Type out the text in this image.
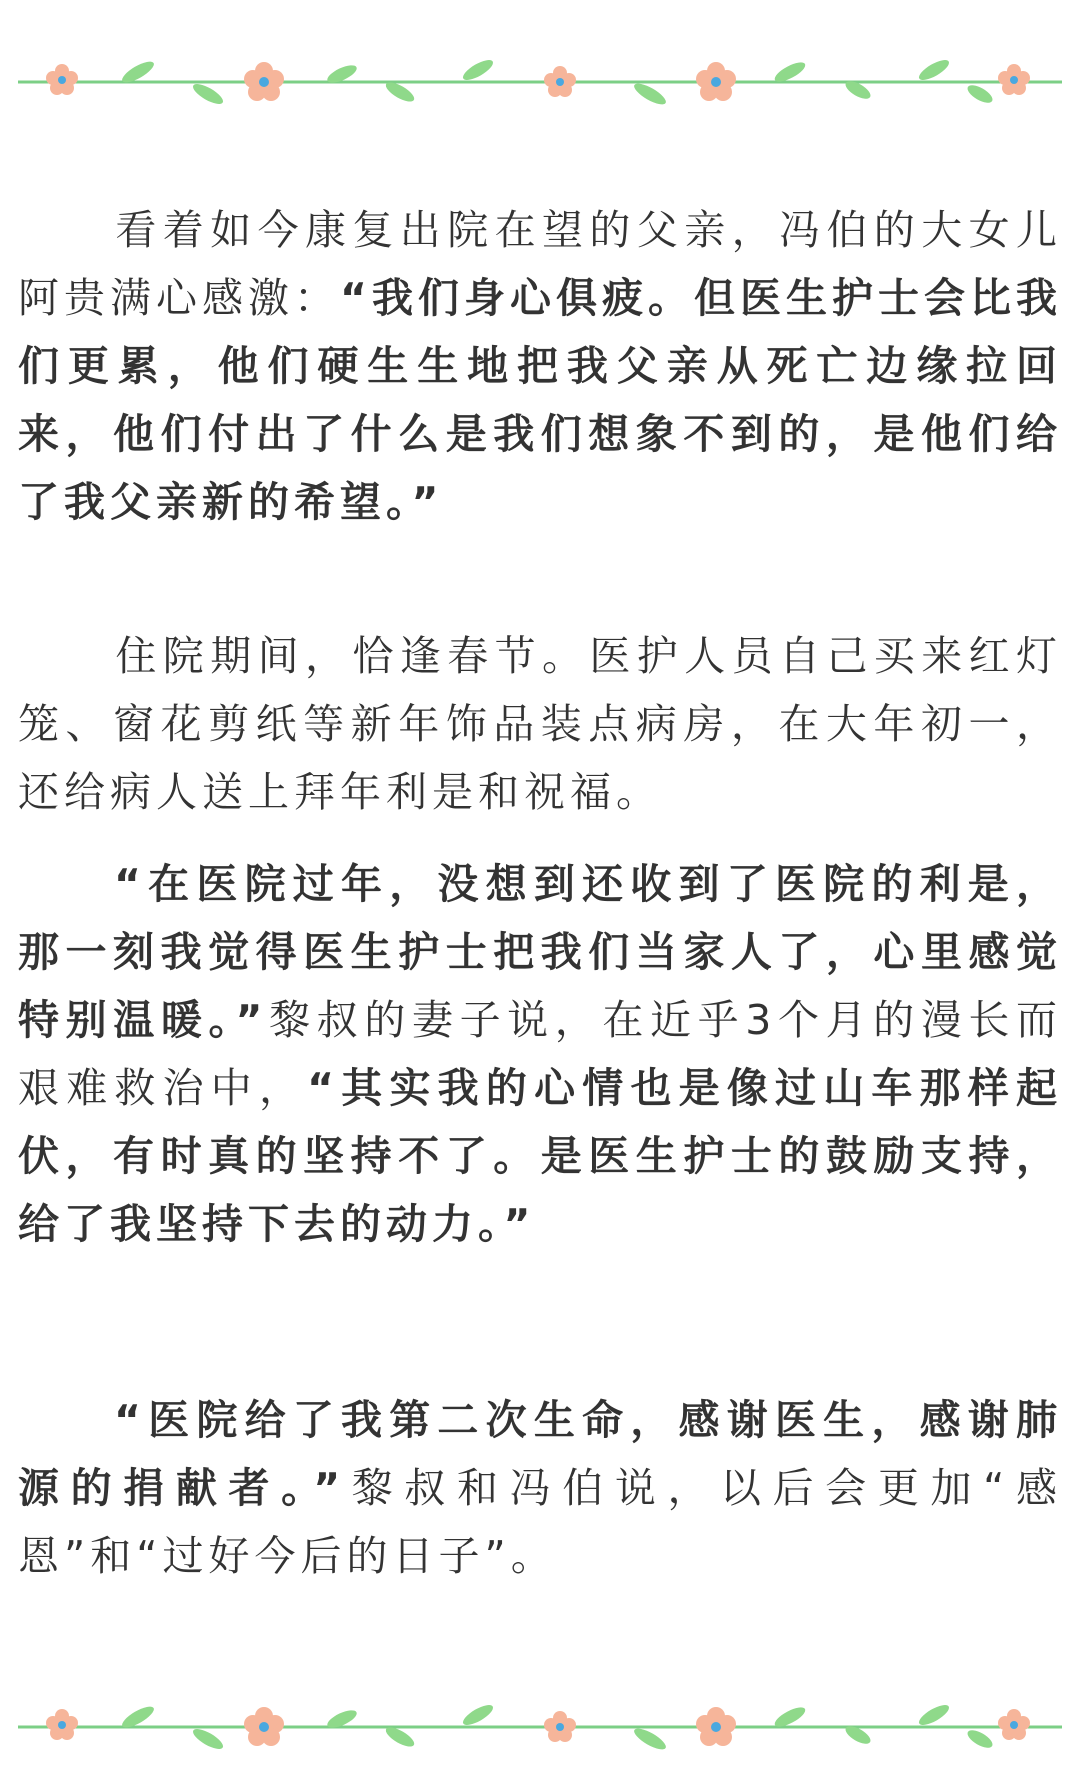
看着如今康复出院在望的父亲，冯伯的大女儿阿贵满心感激：“我们身心俱疲。但医生护士会比我们更累，他们硬生生地把我父亲从死亡边缘拉回来，他们付出了什么是我们想象不到的，是他们给了我父亲新的希望。”

住院期间，恰逢春节。医护人员自己买来红灯笼、窗花剪纸等新年饰品装点病房，在大年初一，还给病人送上拜年利是和祝福。

“在医院过年，没想到还收到了医院的利是，那一刻我觉得医生护士把我们当家人了，心里感觉特别温暖。”黎叔的妻子说，在近乎3个月的漫长而艰难救治中，“其实我的心情也是像过山车那样起伏，有时真的坚持不了。是医生护士的鼓励支持，给了我坚持下去的动力。”

“医院给了我第二次生命，感谢医生，感谢肺源的捐献者。”黎叔和冯伯说，以后会更加“感恩”和“过好今后的日子”。
